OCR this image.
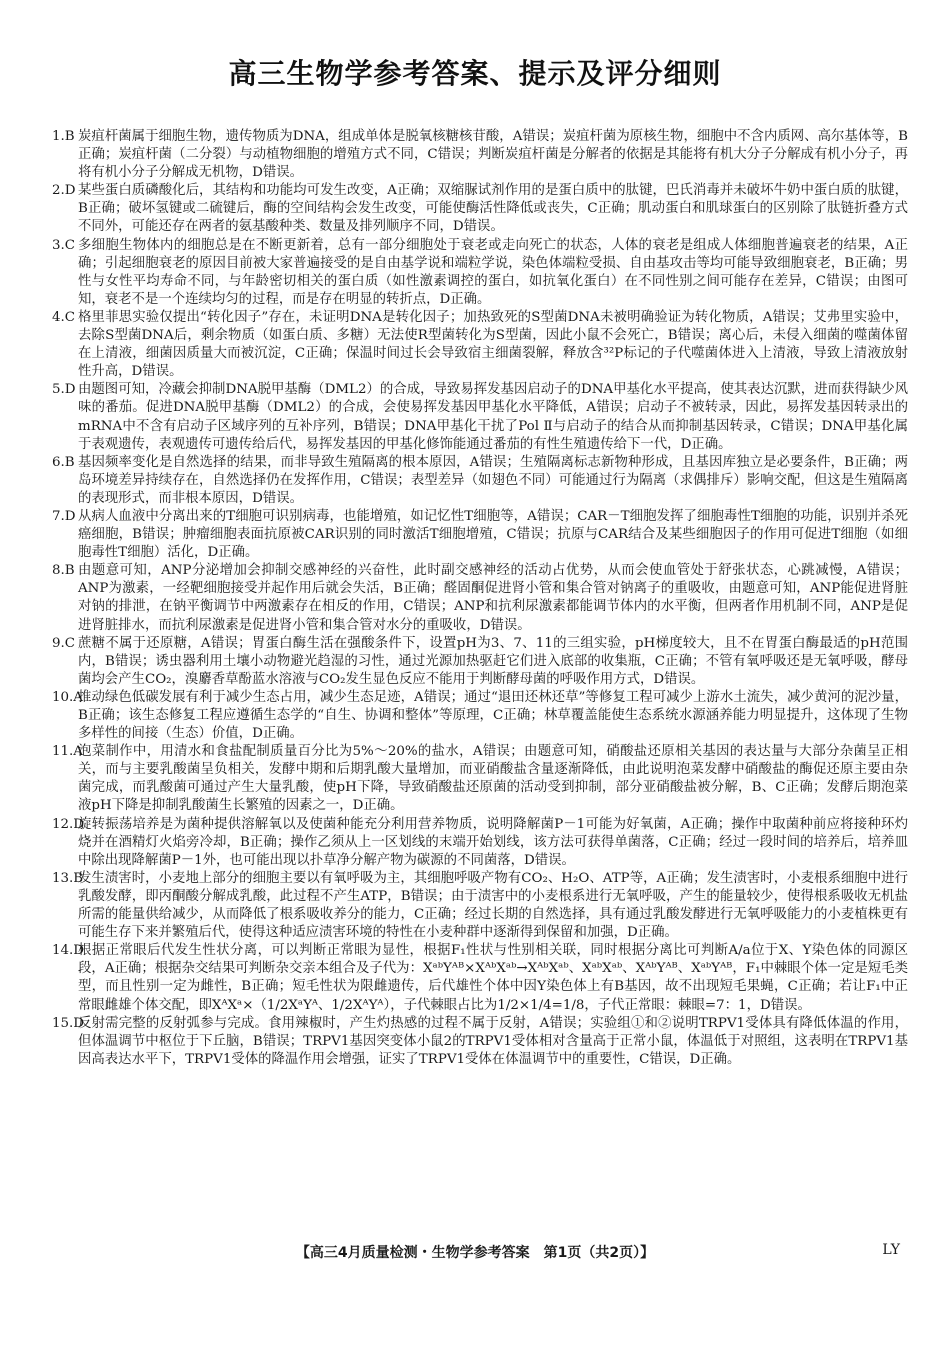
高三生物学参考答案、提示及评分细则
1.B 炭疽杆菌属于细胞生物，遗传物质为DNA，组成单体是脱氧核糖核苷酸，A错误；炭疽杆菌为原核生物，细胞中不含内质网、高尔基体等，B正确；炭疽杆菌（二分裂）与动植物细胞的增殖方式不同，C错误；判断炭疽杆菌是分解者的依据是其能将有机大分子分解成有机小分子，再将有机小分子分解成无机物，D错误。
2.D 某些蛋白质磷酸化后，其结构和功能均可发生改变，A正确；双缩脲试剂作用的是蛋白质中的肽键，巴氏消毒并未破坏牛奶中蛋白质的肽键，B正确；破坏氢键或二硫键后，酶的空间结构会发生改变，可能使酶活性降低或丧失，C正确；肌动蛋白和肌球蛋白的区别除了肽链折叠方式不同外，可能还存在两者的氨基酸种类、数量及排列顺序不同，D错误。
3.C 多细胞生物体内的细胞总是在不断更新着，总有一部分细胞处于衰老或走向死亡的状态，人体的衰老是组成人体细胞普遍衰老的结果，A正确；引起细胞衰老的原因目前被大家普遍接受的是自由基学说和端粒学说，染色体端粒受损、自由基攻击等均可能导致细胞衰老，B正确；男性与女性平均寿命不同，与年龄密切相关的蛋白质（如性激素调控的蛋白，如抗氧化蛋白）在不同性别之间可能存在差异，C错误；由图可知，衰老不是一个连续均匀的过程，而是存在明显的转折点，D正确。
4.C 格里菲思实验仅提出“转化因子”存在，未证明DNA是转化因子；加热致死的S型菌DNA未被明确验证为转化物质，A错误；艾弗里实验中，去除S型菌DNA后，剩余物质（如蛋白质、多糖）无法使R型菌转化为S型菌，因此小鼠不会死亡，B错误；离心后，未侵入细菌的噬菌体留在上清液，细菌因质量大而被沉淀，C正确；保温时间过长会导致宿主细菌裂解，释放含³²P标记的子代噬菌体进入上清液，导致上清液放射性升高，D错误。
5.D 由题图可知，冷藏会抑制DNA脱甲基酶（DML2）的合成，导致易挥发基因启动子的DNA甲基化水平提高，使其表达沉默，进而获得缺少风味的番茄。促进DNA脱甲基酶（DML2）的合成，会使易挥发基因甲基化水平降低，A错误；启动子不被转录，因此，易挥发基因转录出的mRNA中不含有启动子区域序列的互补序列，B错误；DNA甲基化干扰了Pol Ⅱ与启动子的结合从而抑制基因转录，C错误；DNA甲基化属于表观遗传，表观遗传可遗传给后代，易挥发基因的甲基化修饰能通过番茄的有性生殖遗传给下一代，D正确。
6.B 基因频率变化是自然选择的结果，而非导致生殖隔离的根本原因，A错误；生殖隔离标志新物种形成，且基因库独立是必要条件，B正确；两岛环境差异持续存在，自然选择仍在发挥作用，C错误；表型差异（如翅色不同）可能通过行为隔离（求偶排斥）影响交配，但这是生殖隔离的表现形式，而非根本原因，D错误。
7.D 从病人血液中分离出来的T细胞可识别病毒，也能增殖，如记忆性T细胞等，A错误；CAR－T细胞发挥了细胞毒性T细胞的功能，识别并杀死癌细胞，B错误；肿瘤细胞表面抗原被CAR识别的同时激活T细胞增殖，C错误；抗原与CAR结合及某些细胞因子的作用可促进T细胞（如细胞毒性T细胞）活化，D正确。
8.B 由题意可知，ANP分泌增加会抑制交感神经的兴奋性，此时副交感神经的活动占优势，从而会使血管处于舒张状态，心跳减慢，A错误；ANP为激素，一经靶细胞接受并起作用后就会失活，B正确；醛固酮促进肾小管和集合管对钠离子的重吸收，由题意可知，ANP能促进肾脏对钠的排泄，在钠平衡调节中两激素存在相反的作用，C错误；ANP和抗利尿激素都能调节体内的水平衡，但两者作用机制不同，ANP是促进肾脏排水，而抗利尿激素是促进肾小管和集合管对水分的重吸收，D错误。
9.C 蔗糖不属于还原糖，A错误；胃蛋白酶生活在强酸条件下，设置pH为3、7、11的三组实验，pH梯度较大，且不在胃蛋白酶最适的pH范围内，B错误；诱虫器利用土壤小动物避光趋湿的习性，通过光源加热驱赶它们进入底部的收集瓶，C正确；不管有氧呼吸还是无氧呼吸，酵母菌均会产生CO₂，溴麝香草酚蓝水溶液与CO₂发生显色反应不能用于判断酵母菌的呼吸作用方式，D错误。
10.A
推动绿色低碳发展有利于减少生态占用，减少生态足迹，A错误；通过“退田还林还草”等修复工程可减少上游水土流失，减少黄河的泥沙量，B正确；该生态修复工程应遵循生态学的“自生、协调和整体”等原理，C正确；林草覆盖能使生态系统水源涵养能力明显提升，这体现了生物多样性的间接（生态）价值，D正确。
11.A
泡菜制作中，用清水和食盐配制质量百分比为5%～20%的盐水，A错误；由题意可知，硝酸盐还原相关基因的表达量与大部分杂菌呈正相关，而与主要乳酸菌呈负相关，发酵中期和后期乳酸大量增加，而亚硝酸盐含量逐渐降低，由此说明泡菜发酵中硝酸盐的酶促还原主要由杂菌完成，而乳酸菌可通过产生大量乳酸，使pH下降，导致硝酸盐还原菌的活动受到抑制，部分亚硝酸盐被分解，B、C正确；发酵后期泡菜液pH下降是抑制乳酸菌生长繁殖的因素之一，D正确。
12.D
旋转振荡培养是为菌种提供溶解氧以及使菌种能充分利用营养物质，说明降解菌P－1可能为好氧菌，A正确；操作中取菌种前应将接种环灼烧并在酒精灯火焰旁冷却，B正确；操作乙须从上一区划线的末端开始划线，该方法可获得单菌落，C正确；经过一段时间的培养后，培养皿中除出现降解菌P－1外，也可能出现以扑草净分解产物为碳源的不同菌落，D错误。
13.B
发生渍害时，小麦地上部分的细胞主要以有氧呼吸为主，其细胞呼吸产物有CO₂、H₂O、ATP等，A正确；发生渍害时，小麦根系细胞中进行乳酸发酵，即丙酮酸分解成乳酸，此过程不产生ATP，B错误；由于渍害中的小麦根系进行无氧呼吸，产生的能量较少，使得根系吸收无机盐所需的能量供给减少，从而降低了根系吸收养分的能力，C正确；经过长期的自然选择，具有通过乳酸发酵进行无氧呼吸能力的小麦植株更有可能生存下来并繁殖后代，使得这种适应渍害环境的特性在小麦种群中逐渐得到保留和加强，D正确。
14.D
根据正常眼后代发生性状分离，可以判断正常眼为显性，根据F₁性状与性别相关联，同时根据分离比可判断A/a位于X、Y染色体的同源区段，A正确；根据杂交结果可判断杂交亲本组合及子代为：XᵃᵇYᴬᴮ×XᴬᵇXᵃᵇ→XᴬᵇXᵃᵇ、XᵃᵇXᵃᵇ、XᴬᵇYᴬᴮ、XᵃᵇYᴬᴮ，F₁中棘眼个体一定是短毛类型，而且性别一定为雌性，B正确；短毛性状为限雌遗传，后代雄性个体中因Y染色体上有B基因，故不出现短毛果蝇，C正确；若让F₁中正常眼雌雄个体交配，即XᴬXᵃ×（1/2XᵃYᴬ、1/2XᴬYᴬ），子代棘眼占比为1/2×1/4=1/8，子代正常眼：棘眼=7：1，D错误。
15.D
反射需完整的反射弧参与完成。食用辣椒时，产生灼热感的过程不属于反射，A错误；实验组①和②说明TRPV1受体具有降低体温的作用，但体温调节中枢位于下丘脑，B错误；TRPV1基因突变体小鼠2的TRPV1受体相对含量高于正常小鼠，体温低于对照组，这表明在TRPV1基因高表达水平下，TRPV1受体的降温作用会增强，证实了TRPV1受体在体温调节中的重要性，C错误，D正确。
【高三4月质量检测・生物学参考答案　第1页（共2页）】	LY
